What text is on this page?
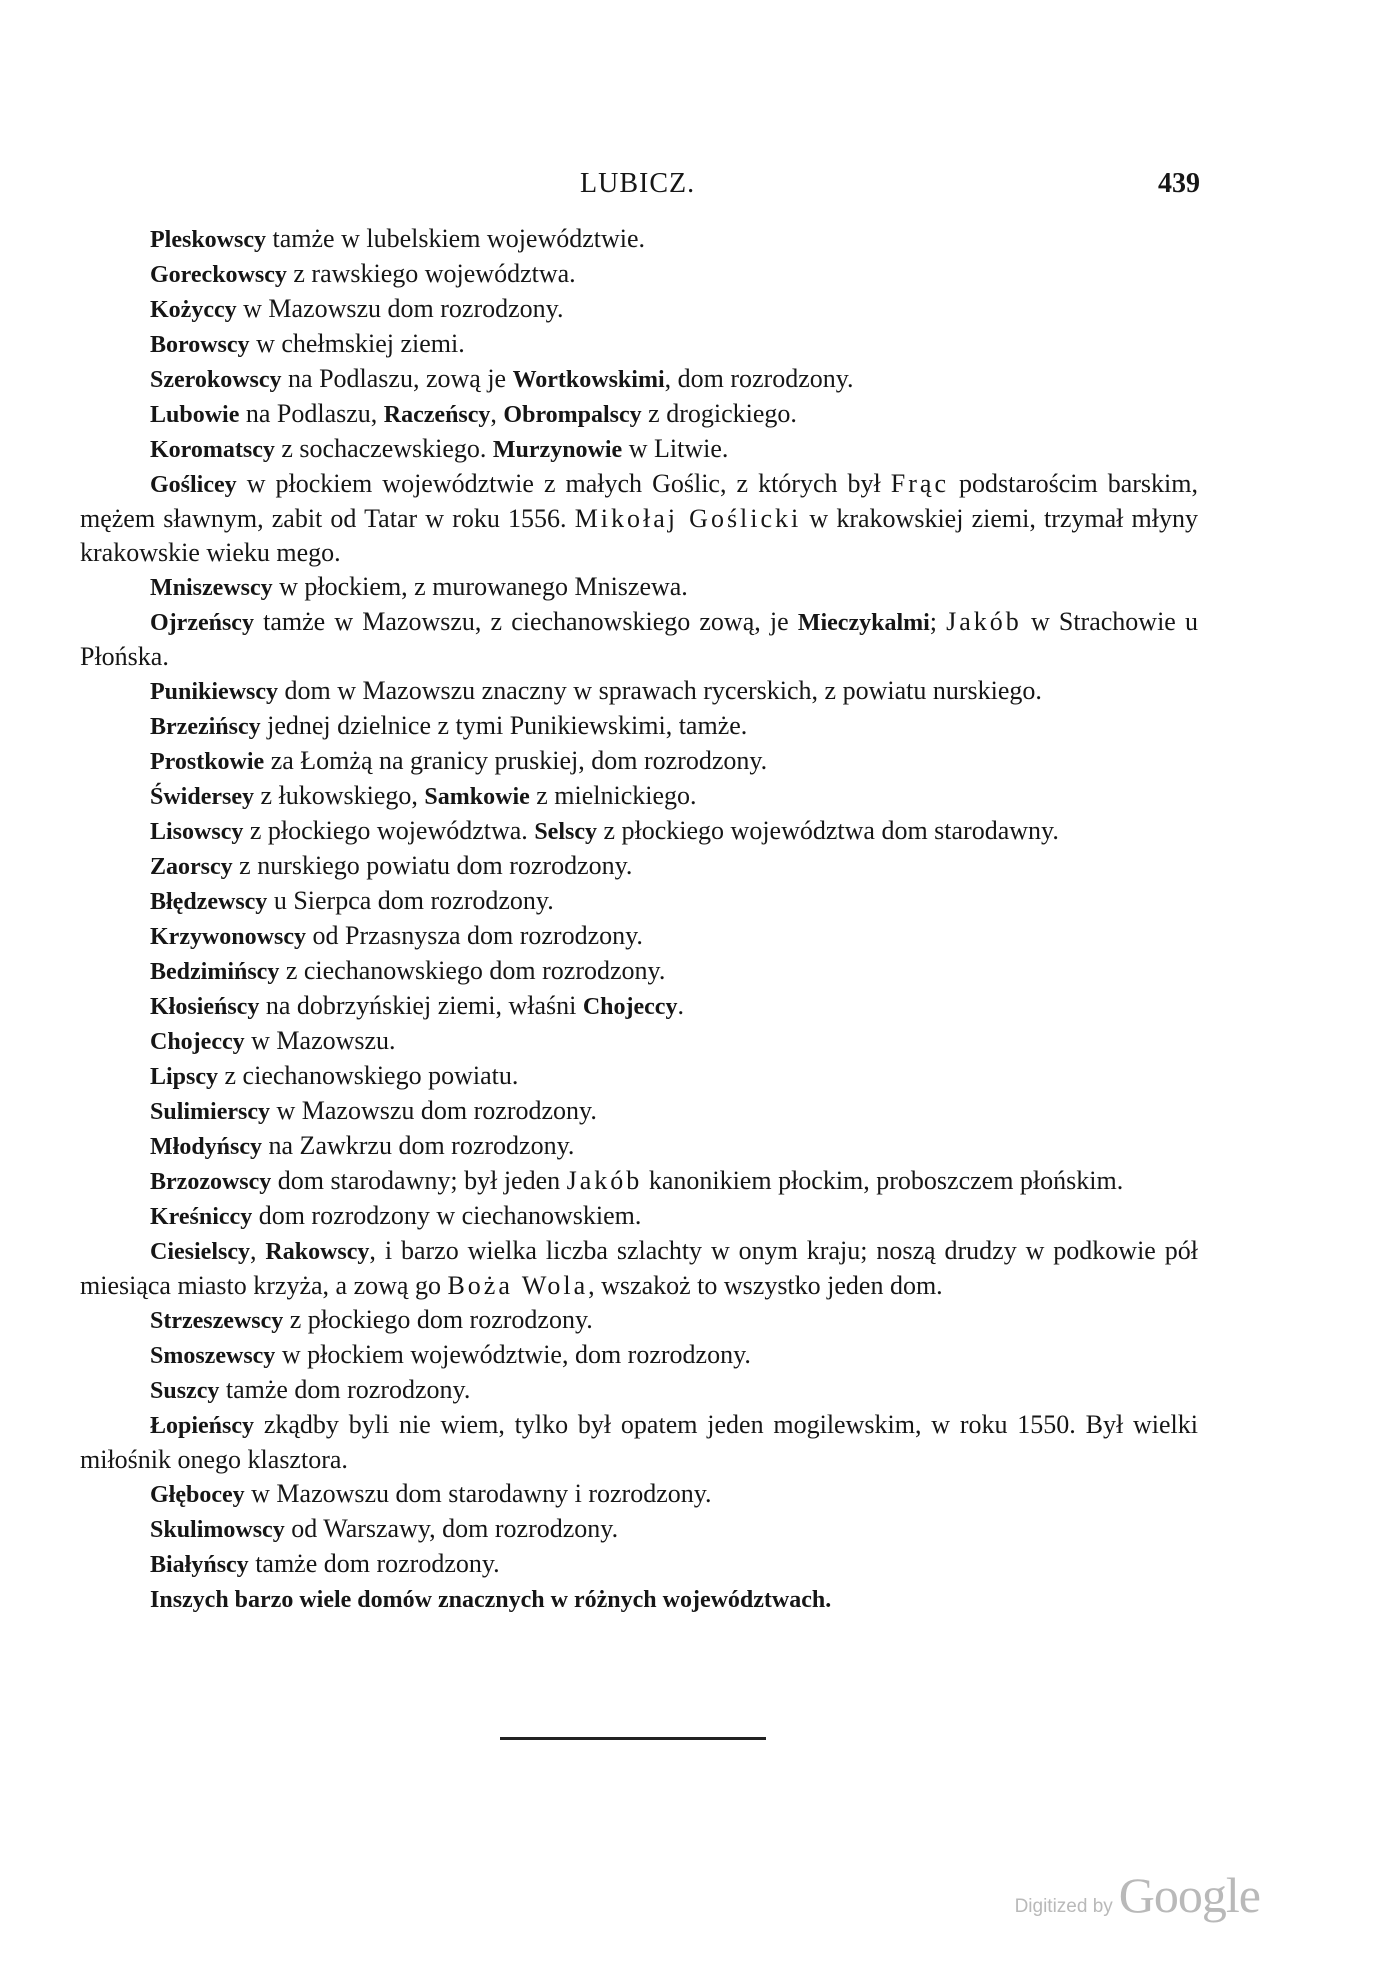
LUBICZ.	439

Pleskowscy tamże w lubelskiem województwie.

Goreckowscy z rawskiego województwa.

Kożyccy w Mazowszu dom rozrodzony.

Borowscy w chełmskiej ziemi.

Szerokowscy na Podlaszu, zową je Wortkowskimi, dom rozrodzony.

Lubowie na Podlaszu, Raczeńscy, Obrompalscy z drogickiego.

Koromatscy z sochaczewskiego. Murzynowie w Litwie.

Goślicey w płockiem województwie z małych Goślic, z których był Frąc podstarościm barskim, mężem sławnym, zabit od Tatar w roku 1556. Mikołaj Goślicki w krakowskiej ziemi, trzymał młyny krakowskie wieku mego.

Mniszewscy w płockiem, z murowanego Mniszewa.

Ojrzeńscy tamże w Mazowszu, z ciechanowskiego zową, je Mieczykalmi; Jakób w Strachowie u Płońska.

Punikiewscy dom w Mazowszu znaczny w sprawach rycerskich, z powiatu nurskiego.

Brzezińscy jednej dzielnice z tymi Punikiewskimi, tamże.

Prostkowie za Łomżą na granicy pruskiej, dom rozrodzony.

Świdersey z łukowskiego, Samkowie z mielnickiego.

Lisowscy z płockiego województwa. Selscy z płockiego województwa dom starodawny.

Zaorscy z nurskiego powiatu dom rozrodzony.

Błędzewscy u Sierpca dom rozrodzony.

Krzywonowscy od Przasnysza dom rozrodzony.

Bedzimińscy z ciechanowskiego dom rozrodzony.

Kłosieńscy na dobrzyńskiej ziemi, właśni Chojeccy.

Chojeccy w Mazowszu.

Lipscy z ciechanowskiego powiatu.

Sulimierscy w Mazowszu dom rozrodzony.

Młodyńscy na Zawkrzu dom rozrodzony.

Brzozowscy dom starodawny; był jeden Jakób kanonikiem płockim, proboszczem płońskim.

Kreśniccy dom rozrodzony w ciechanowskiem.

Ciesielscy, Rakowscy, i barzo wielka liczba szlachty w onym kraju; noszą drudzy w podkowie pół miesiąca miasto krzyża, a zową go Boża Wola, wszakoż to wszystko jeden dom.

Strzeszewscy z płockiego dom rozrodzony.

Smoszewscy w płockiem województwie, dom rozrodzony.

Suszcy tamże dom rozrodzony.

Łopieńscy zkądby byli nie wiem, tylko był opatem jeden mogilewskim, w roku 1550. Był wielki miłośnik onego klasztora.

Głębocey w Mazowszu dom starodawny i rozrodzony.

Skulimowscy od Warszawy, dom rozrodzony.

Białyńscy tamże dom rozrodzony.

Inszych barzo wiele domów znacznych w różnych województwach.

Digitized by Google
